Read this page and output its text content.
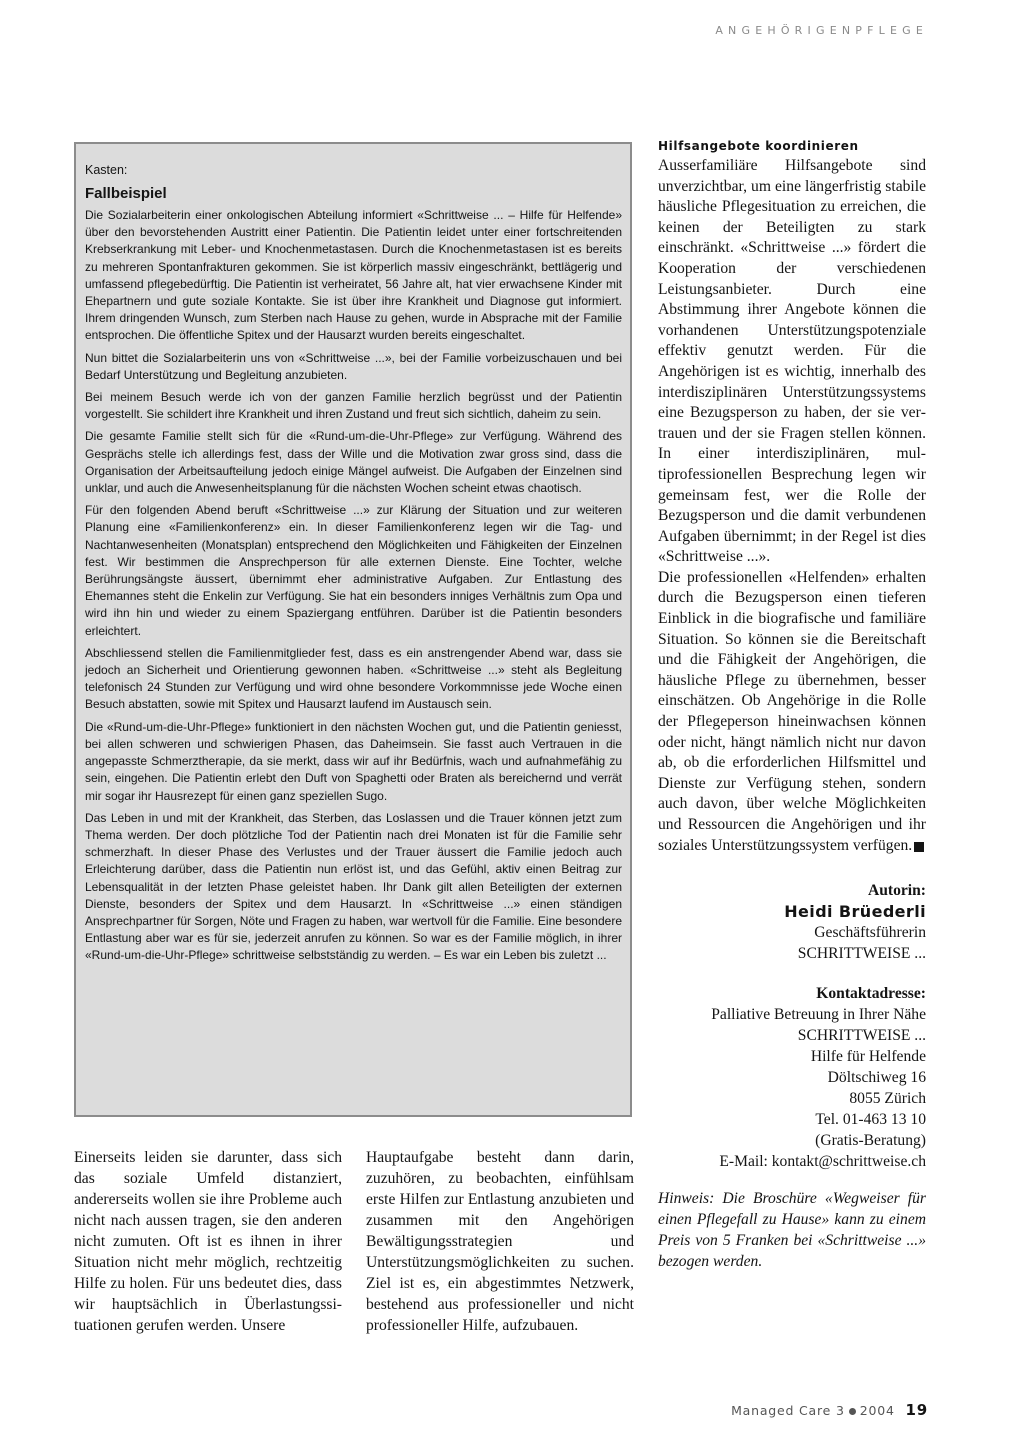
ANGEHÖRIGENPFLEGE
Kasten:
Fallbeispiel

Die Sozialarbeiterin einer onkologischen Abteilung informiert «Schrittweise ... – Hilfe für Helfende» über den bevorstehenden Austritt einer Patientin. Die Patientin leidet unter einer fortschreitenden Krebserkrankung mit Leber- und Knochenmetastasen. Durch die Knochenmetastasen ist es bereits zu mehreren Spontanfrakturen gekommen. Sie ist körperlich massiv eingeschränkt, bettlägerig und umfassend pflegebedürftig. Die Patientin ist verheiratet, 56 Jahre alt, hat vier erwachsene Kinder mit Ehepartnern und gute soziale Kontakte. Sie ist über ihre Krankheit und Diagnose gut informiert. Ihrem dringenden Wunsch, zum Sterben nach Hause zu gehen, wurde in Absprache mit der Familie entsprochen. Die öffentliche Spitex und der Hausarzt wurden bereits eingeschaltet.

Nun bittet die Sozialarbeiterin uns von «Schrittweise ...», bei der Familie vorbeizuschauen und bei Bedarf Unterstützung und Begleitung anzubieten.

Bei meinem Besuch werde ich von der ganzen Familie herzlich begrüsst und der Patientin vorgestellt. Sie schildert ihre Krankheit und ihren Zustand und freut sich sichtlich, daheim zu sein.

Die gesamte Familie stellt sich für die «Rund-um-die-Uhr-Pflege» zur Verfügung. Während des Gesprächs stelle ich allerdings fest, dass der Wille und die Motivation zwar gross sind, dass die Organisation der Arbeitsaufteilung jedoch einige Mängel aufweist. Die Aufgaben der Einzelnen sind unklar, und auch die Anwesenheitsplanung für die nächsten Wochen scheint etwas chaotisch.

Für den folgenden Abend beruft «Schrittweise ...» zur Klärung der Situation und zur weiteren Planung eine «Familienkonferenz» ein. In dieser Familienkonferenz legen wir die Tag- und Nachtanwesenheiten (Monatsplan) entsprechend den Möglichkeiten und Fähigkeiten der Einzelnen fest. Wir bestimmen die Ansprechperson für alle externen Dienste. Eine Tochter, welche Berührungsängste äussert, übernimmt eher administrative Aufgaben. Zur Entlastung des Ehemannes steht die Enkelin zur Verfügung. Sie hat ein besonders inniges Verhältnis zum Opa und wird ihn hin und wieder zu einem Spaziergang entführen. Darüber ist die Patientin besonders erleichtert.

Abschliessend stellen die Familienmitglieder fest, dass es ein anstrengender Abend war, dass sie jedoch an Sicherheit und Orientierung gewonnen haben. «Schrittweise ...» steht als Begleitung telefonisch 24 Stunden zur Verfügung und wird ohne besondere Vorkommnisse jede Woche einen Besuch abstatten, sowie mit Spitex und Hausarzt laufend im Austausch sein.

Die «Rund-um-die-Uhr-Pflege» funktioniert in den nächsten Wochen gut, und die Patientin geniesst, bei allen schweren und schwierigen Phasen, das Daheimsein. Sie fasst auch Vertrauen in die angepasste Schmerztherapie, da sie merkt, dass wir auf ihr Bedürfnis, wach und aufnahmefähig zu sein, eingehen. Die Patientin erlebt den Duft von Spaghetti oder Braten als bereichernd und verrät mir sogar ihr Hausrezept für einen ganz speziellen Sugo.

Das Leben in und mit der Krankheit, das Sterben, das Loslassen und die Trauer können jetzt zum Thema werden. Der doch plötzliche Tod der Patientin nach drei Monaten ist für die Familie sehr schmerzhaft. In dieser Phase des Verlustes und der Trauer äussert die Familie jedoch auch Erleichterung darüber, dass die Patientin nun erlöst ist, und das Gefühl, aktiv einen Beitrag zur Lebensqualität in der letzten Phase geleistet haben. Ihr Dank gilt allen Beteiligten der externen Dienste, besonders der Spitex und dem Hausarzt. In «Schrittweise ...» einen ständigen Ansprechpartner für Sorgen, Nöte und Fragen zu haben, war wertvoll für die Familie. Eine besondere Entlastung aber war es für sie, jederzeit anrufen zu können. So war es der Familie möglich, in ihrer «Rund-um-die-Uhr-Pflege» schrittweise selbstständig zu werden. – Es war ein Leben bis zuletzt ...

Einerseits leiden sie darunter, dass sich das soziale Umfeld distanziert, andererseits wollen sie ihre Probleme auch nicht nach aussen tragen, sie den anderen nicht zumuten. Oft ist es ihnen in ihrer Situation nicht mehr möglich, rechtzeitig Hilfe zu holen. Für uns bedeutet dies, dass wir hauptsächlich in Überlastungssituationen gerufen werden. Unsere

Hauptaufgabe besteht dann darin, zuzuhören, zu beobachten, einfühlsam erste Hilfen zur Entlastung anzubieten und zusammen mit den Angehörigen Bewältigungsstrategien und Unterstützungsmöglichkeiten zu suchen. Ziel ist es, ein abgestimmtes Netzwerk, bestehend aus professioneller und nicht professioneller Hilfe, aufzubauen.

Hilfsangebote koordinieren

Ausserfamiliäre Hilfsangebote sind unverzichtbar, um eine längerfristig stabile häusliche Pflegesituation zu erreichen, die keinen der Beteiligten zu stark einschränkt. «Schrittweise ...» fördert die Kooperation der verschiedenen Leistungsanbieter. Durch eine Abstimmung ihrer Angebote können die vorhandenen Unterstützungspotenziale effektiv genutzt werden. Für die Angehörigen ist es wichtig, innerhalb des interdisziplinären Unterstützungssystems eine Bezugsperson zu haben, der sie vertrauen und der sie Fragen stellen können. In einer interdisziplinären, multiprofessionellen Besprechung legen wir gemeinsam fest, wer die Rolle der Bezugsperson und die damit verbundenen Aufgaben übernimmt; in der Regel ist dies «Schrittweise ...».

Die professionellen «Helfenden» erhalten durch die Bezugsperson einen tieferen Einblick in die biografische und familiäre Situation. So können sie die Bereitschaft und die Fähigkeit der Angehörigen, die häusliche Pflege zu übernehmen, besser einschätzen. Ob Angehörige in die Rolle der Pflegeperson hineinwachsen können oder nicht, hängt nämlich nicht nur davon ab, ob die erforderlichen Hilfsmittel und Dienste zur Verfügung stehen, sondern auch davon, über welche Möglichkeiten und Ressourcen die Angehörigen und ihr soziales Unterstützungssystem verfügen.

Autorin:
Heidi Brüederli
Geschäftsführerin
SCHRITTWEISE ...
Kontaktadresse:
Palliative Betreuung in Ihrer Nähe
SCHRITTWEISE ...
Hilfe für Helfende
Döltschiweg 16
8055 Zürich
Tel. 01-463 13 10
(Gratis-Beratung)
E-Mail: kontakt@schrittweise.ch
Hinweis: Die Broschüre «Wegweiser für einen Pflegefall zu Hause» kann zu einem Preis von 5 Franken bei «Schrittweise ...» bezogen werden.
Managed Care 3 2004 19
